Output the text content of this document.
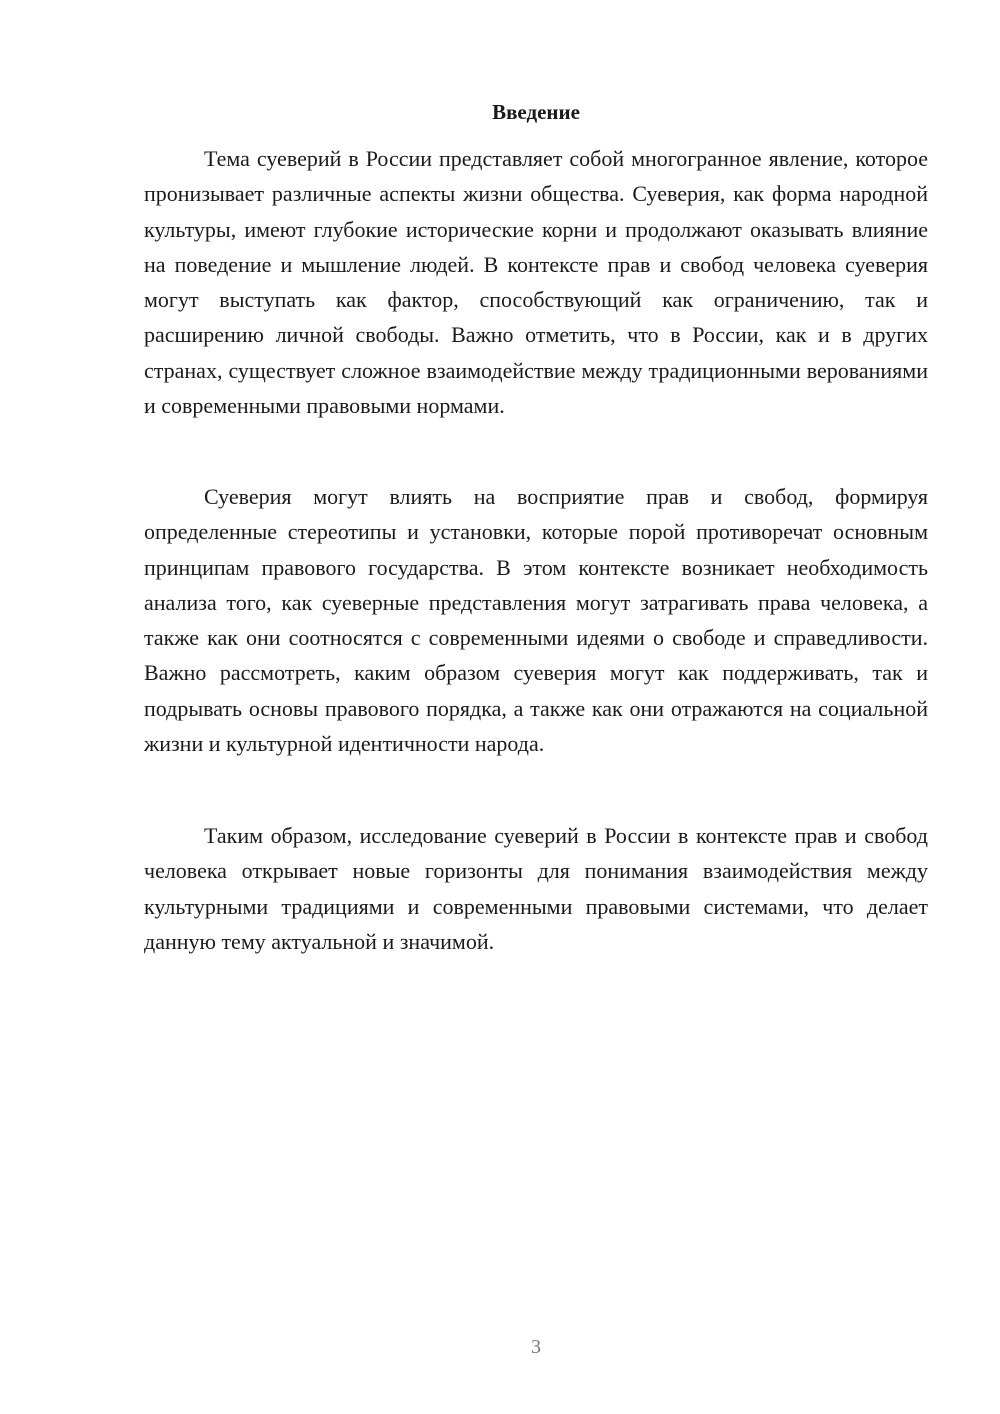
Введение

Тема суеверий в России представляет собой многогранное явление, которое пронизывает различные аспекты жизни общества. Суеверия, как форма народной культуры, имеют глубокие исторические корни и продолжают оказывать влияние на поведение и мышление людей. В контексте прав и свобод человека суеверия могут выступать как фактор, способствующий как ограничению, так и расширению личной свободы. Важно отметить, что в России, как и в других странах, существует сложное взаимодействие между традиционными верованиями и современными правовыми нормами.

Суеверия могут влиять на восприятие прав и свобод, формируя определенные стереотипы и установки, которые порой противоречат основным принципам правового государства. В этом контексте возникает необходимость анализа того, как суеверные представления могут затрагивать права человека, а также как они соотносятся с современными идеями о свободе и справедливости. Важно рассмотреть, каким образом суеверия могут как поддерживать, так и подрывать основы правового порядка, а также как они отражаются на социальной жизни и культурной идентичности народа.

Таким образом, исследование суеверий в России в контексте прав и свобод человека открывает новые горизонты для понимания взаимодействия между культурными традициями и современными правовыми системами, что делает данную тему актуальной и значимой.

3
